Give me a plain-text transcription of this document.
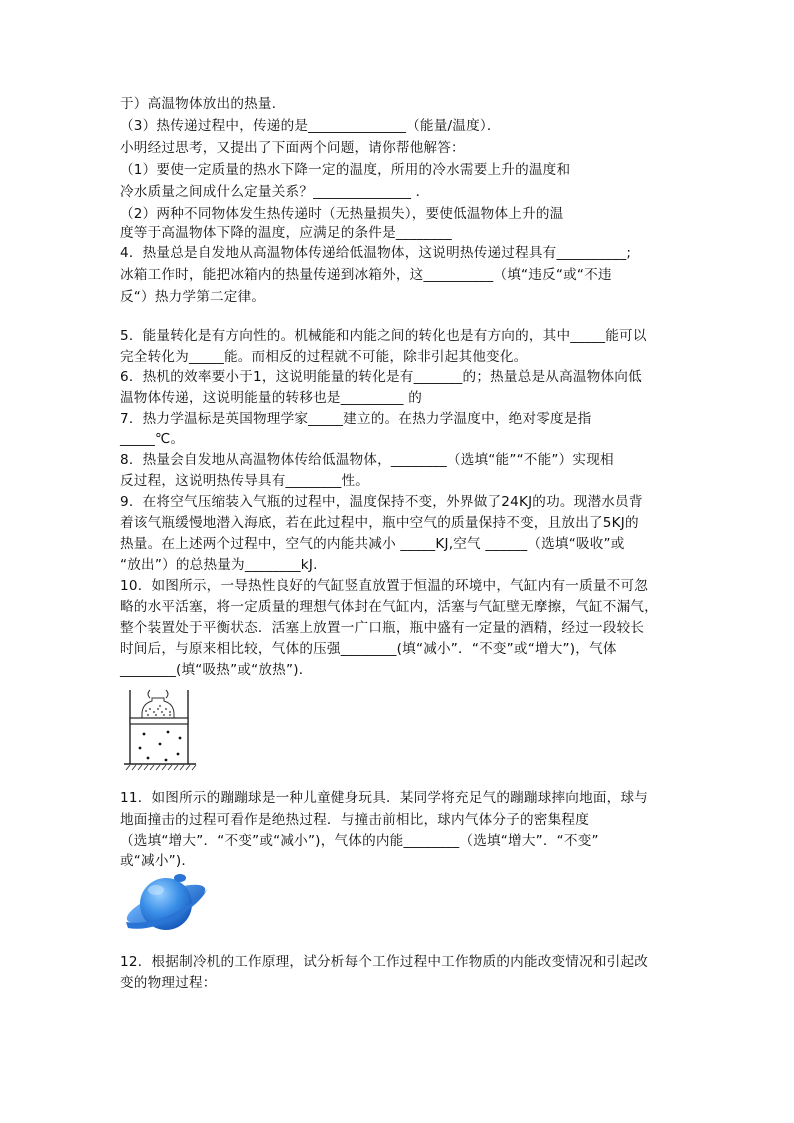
于）高温物体放出的热量．
（3）热传递过程中，传递的是______________（能量/温度）．
小明经过思考，又提出了下面两个问题，请你帮他解答：
（1）要使一定质量的热水下降一定的温度，所用的冷水需要上升的温度和
冷水质量之间成什么定量关系？______________ ．
（2）两种不同物体发生热传递时（无热量损失），要使低温物体上升的温
度等于高温物体下降的温度，应满足的条件是________
4．热量总是自发地从高温物体传递给低温物体，这说明热传递过程具有__________;
冰箱工作时，能把冰箱内的热量传递到冰箱外，这__________（填“违反“或“不违
反“）热力学第二定律。
5．能量转化是有方向性的。机械能和内能之间的转化也是有方向的，其中_____能可以
完全转化为_____能。而相反的过程就不可能，除非引起其他变化。
6．热机的效率要小于1，这说明能量的转化是有_______的；热量总是从高温物体向低
温物体传递，这说明能量的转移也是_________ 的
7．热力学温标是英国物理学家_____建立的。在热力学温度中，绝对零度是指
_____℃。
8．热量会自发地从高温物体传给低温物体，________（选填“能”“不能”）实现相
反过程，这说明热传导具有________性。
9．在将空气压缩装入气瓶的过程中，温度保持不变，外界做了24KJ的功。现潜水员背
着该气瓶缓慢地潜入海底，若在此过程中，瓶中空气的质量保持不变，且放出了5KJ的
热量。在上述两个过程中，空气的内能共减小 _____KJ,空气 ______（选填“吸收”或
“放出”）的总热量为________kJ.
10．如图所示，一导热性良好的气缸竖直放置于恒温的环境中，气缸内有一质量不可忽
略的水平活塞，将一定质量的理想气体封在气缸内，活塞与气缸壁无摩擦，气缸不漏气，
整个装置处于平衡状态．活塞上放置一广口瓶，瓶中盛有一定量的酒精，经过一段较长
时间后，与原来相比较，气体的压强________(填“减小”．“不变”或“增大”)，气体
________(填“吸热”或“放热”)．
11．如图所示的蹦蹦球是一种儿童健身玩具．某同学将充足气的蹦蹦球摔向地面，球与
地面撞击的过程可看作是绝热过程．与撞击前相比，球内气体分子的密集程度
（选填“增大”．“不变”或“减小”)，气体的内能________（选填“增大”．“不变”
或“减小”)．
12．根据制冷机的工作原理，试分析每个工作过程中工作物质的内能改变情况和引起改
变的物理过程：
